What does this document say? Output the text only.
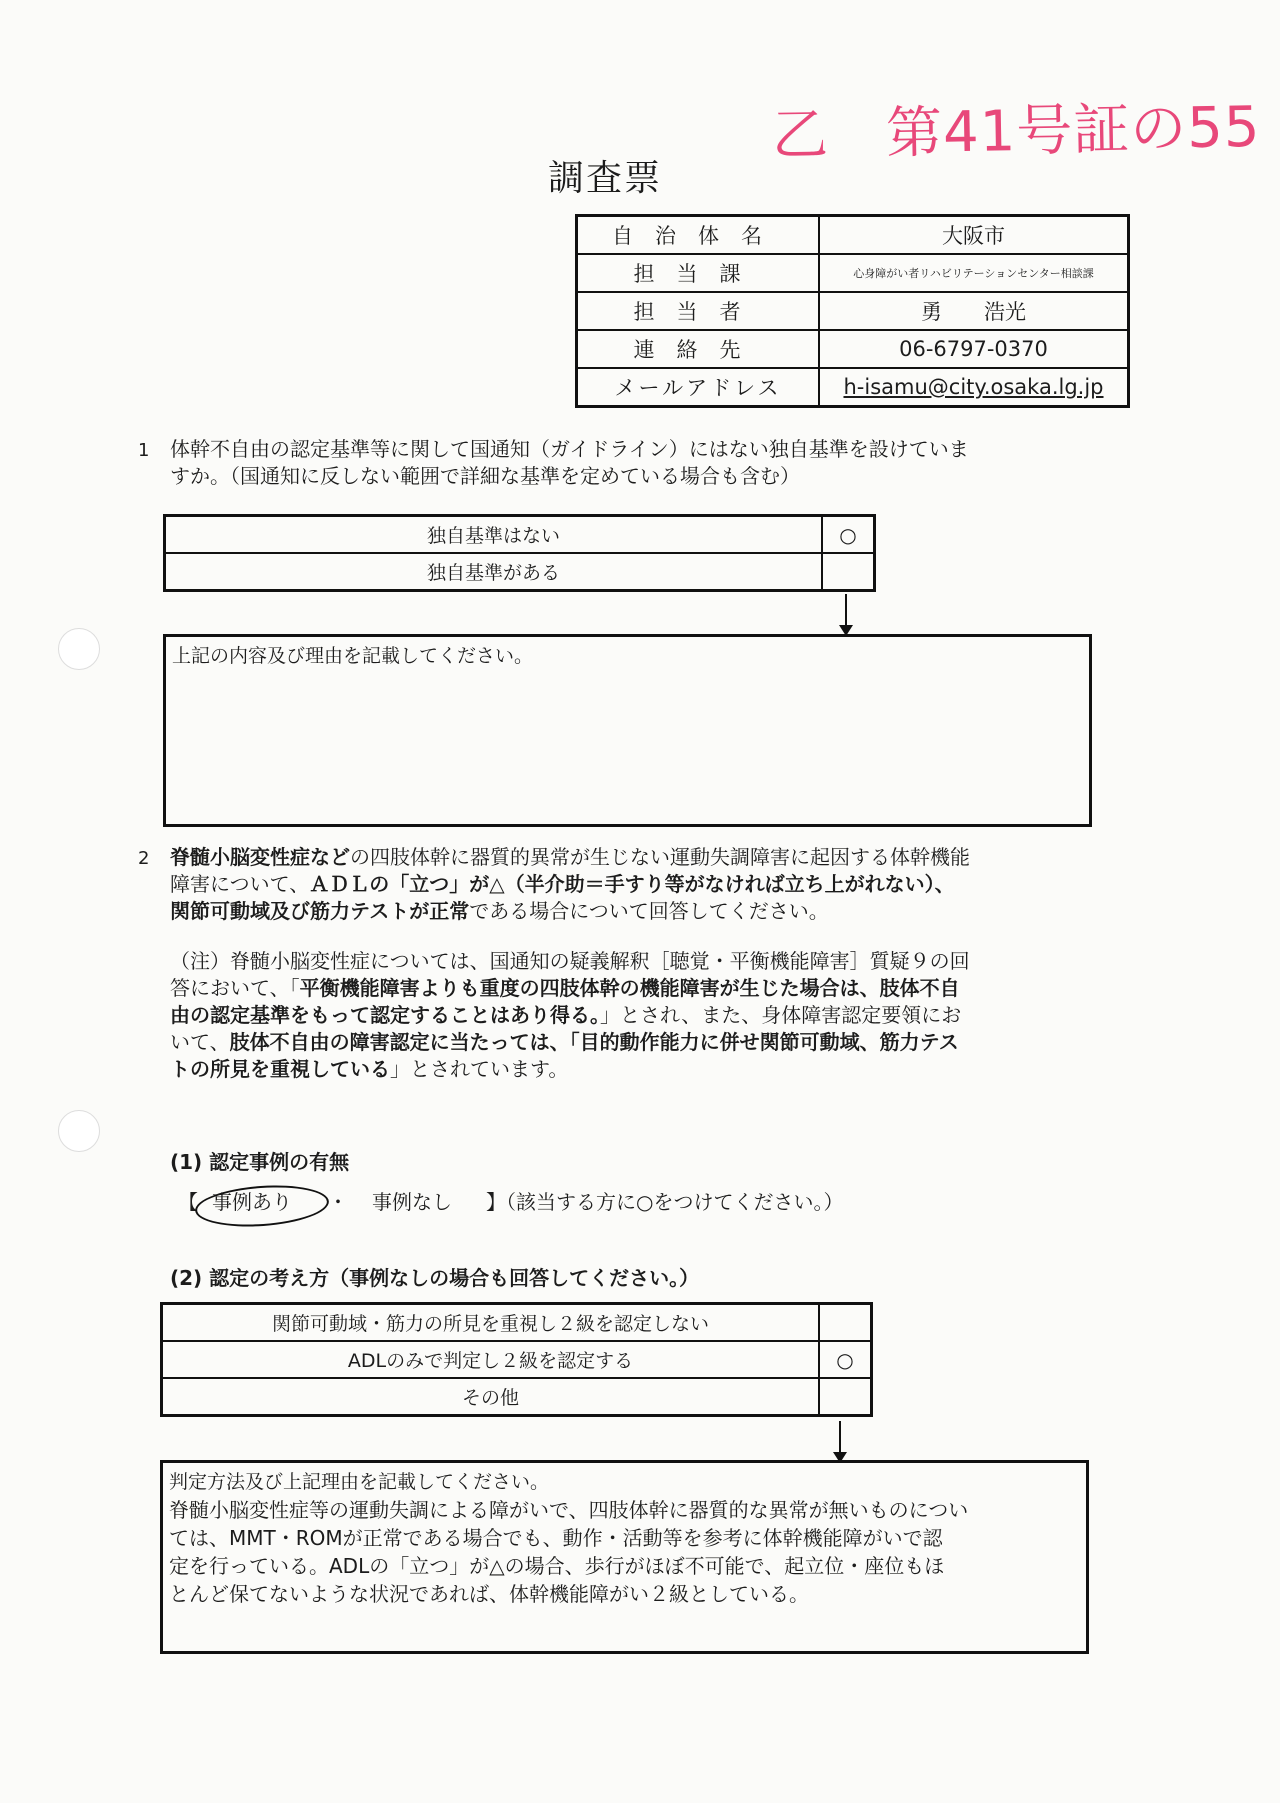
乙　第41号証の55
調査票
自治体名	大阪市
担当課	心身障がい者リハビリテーションセンター相談課
担当者	勇　　浩光
連絡先	06-6797-0370
メールアドレス	h-isamu@city.osaka.lg.jp
1 体幹不自由の認定基準等に関して国通知（ガイドライン）にはない独自基準を設けていま
すか。（国通知に反しない範囲で詳細な基準を定めている場合も含む）
独自基準はない	○
独自基準がある	
上記の内容及び理由を記載してください。
2 脊髄小脳変性症などの四肢体幹に器質的異常が生じない運動失調障害に起因する体幹機能
障害について、ＡＤＬの「立つ」が△（半介助＝手すり等がなければ立ち上がれない）、
関節可動域及び筋力テストが正常である場合について回答してください。
（注）脊髄小脳変性症については、国通知の疑義解釈［聴覚・平衡機能障害］質疑９の回
答において、「平衡機能障害よりも重度の四肢体幹の機能障害が生じた場合は、肢体不自
由の認定基準をもって認定することはあり得る。」とされ、また、身体障害認定要領にお
いて、肢体不自由の障害認定に当たっては、「目的動作能力に併せ関節可動域、筋力テス
トの所見を重視している」とされています。
(1) 認定事例の有無
【 事例あり ・ 事例なし 】（該当する方に○をつけてください。）
(2) 認定の考え方（事例なしの場合も回答してください。）
関節可動域・筋力の所見を重視し２級を認定しない	
ADLのみで判定し２級を認定する	○
その他	
判定方法及び上記理由を記載してください。
脊髄小脳変性症等の運動失調による障がいで、四肢体幹に器質的な異常が無いものについ
ては、MMT・ROMが正常である場合でも、動作・活動等を参考に体幹機能障がいで認
定を行っている。ADLの「立つ」が△の場合、歩行がほぼ不可能で、起立位・座位もほ
とんど保てないような状況であれば、体幹機能障がい２級としている。
